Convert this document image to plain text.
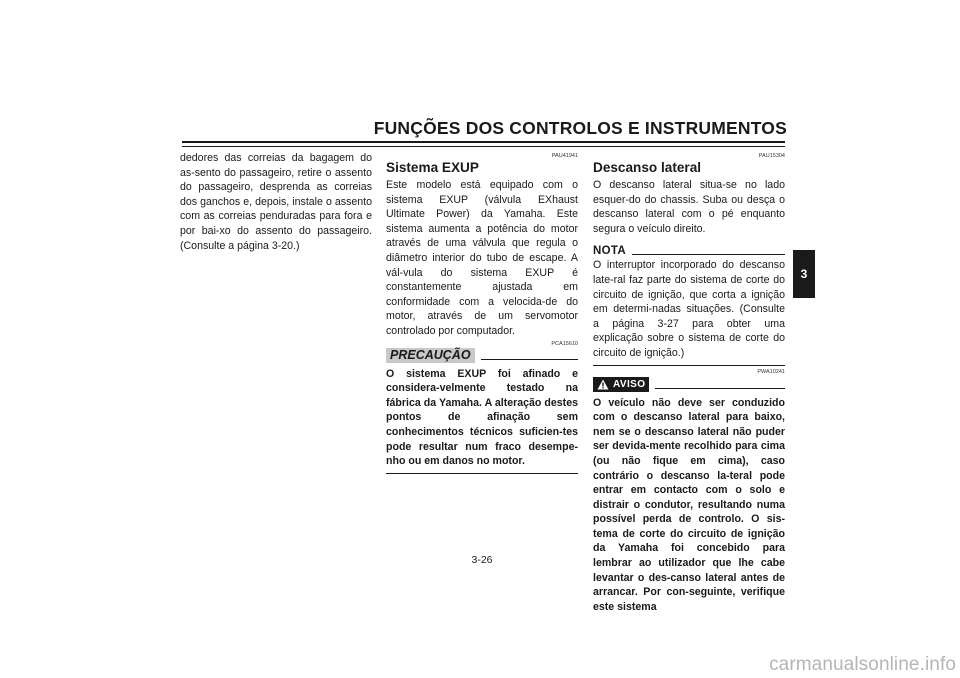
FUNÇÕES DOS CONTROLOS E INSTRUMENTOS
3

dedores das correias da bagagem do as-sento do passageiro, retire o assento do passageiro, desprenda as correias dos ganchos e, depois, instale o assento com as correias penduradas para fora e por bai-xo do assento do passageiro. (Consulte a página 3-20.)

PAU41941
Sistema EXUP

Este modelo está equipado com o sistema EXUP (válvula EXhaust Ultimate Power) da Yamaha. Este sistema aumenta a potência do motor através de uma válvula que regula o diâmetro interior do tubo de escape. A vál-vula do sistema EXUP é constantemente ajustada em conformidade com a velocida-de do motor, através de um servomotor controlado por computador.

PCA15610
PRECAUÇÃO

O sistema EXUP foi afinado e considera-velmente testado na fábrica da Yamaha. A alteração destes pontos de afinação sem conhecimentos técnicos suficien-tes pode resultar num fraco desempe-nho ou em danos no motor.

PAU15304
Descanso lateral

O descanso lateral situa-se no lado esquer-do do chassis. Suba ou desça o descanso lateral com o pé enquanto segura o veículo direito.

NOTA

O interruptor incorporado do descanso late-ral faz parte do sistema de corte do circuito de ignição, que corta a ignição em determi-nadas situações. (Consulte a página 3-27 para obter uma explicação sobre o sistema de corte do circuito de ignição.)

PWA10241
AVISO

O veículo não deve ser conduzido com o descanso lateral para baixo, nem se o descanso lateral não puder ser devida-mente recolhido para cima (ou não fique em cima), caso contrário o descanso la-teral pode entrar em contacto com o solo e distrair o condutor, resultando numa possível perda de controlo. O sis-tema de corte do circuito de ignição da Yamaha foi concebido para lembrar ao utilizador que lhe cabe levantar o des-canso lateral antes de arrancar. Por con-seguinte, verifique este sistema

3-26
carmanualsonline.info
